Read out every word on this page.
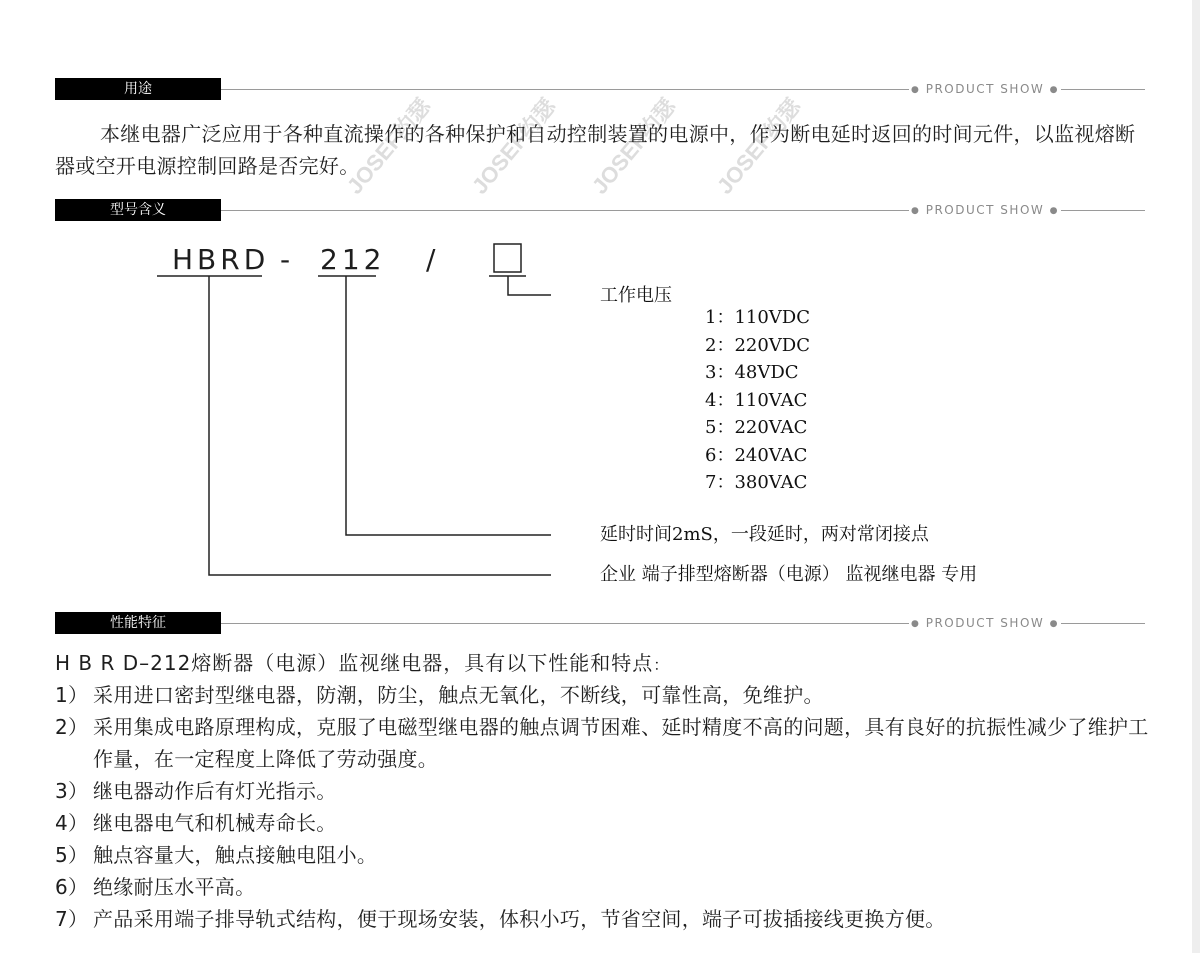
JOSEF约瑟 JOSEF约瑟 JOSEF约瑟 JOSEF约瑟
用途	● PRODUCT SHOW ●

本继电器广泛应用于各种直流操作的各种保护和自动控制装置的电源中，作为断电延时返回的时间元件，以监视熔断器或空开电源控制回路是否完好。

型号含义	● PRODUCT SHOW ●
HBRD - 212 /
工作电压
1：110VDC
2：220VDC
3：48VDC
4：110VAC
5：220VAC
6：240VAC
7：380VAC
延时时间2mS，一段延时，两对常闭接点
企业 端子排型熔断器（电源） 监视继电器 专用
性能特征	● PRODUCT SHOW ●
H B R D–212熔断器（电源）监视继电器，具有以下性能和特点：
1） 采用进口密封型继电器，防潮，防尘，触点无氧化，不断线，可靠性高，免维护。
2） 采用集成电路原理构成，克服了电磁型继电器的触点调节困难、延时精度不高的问题，具有良好的抗振性减少了维护工作量，在一定程度上降低了劳动强度。
3） 继电器动作后有灯光指示。
4） 继电器电气和机械寿命长。
5） 触点容量大，触点接触电阻小。
6） 绝缘耐压水平高。
7） 产品采用端子排导轨式结构，便于现场安装，体积小巧，节省空间，端子可拔插接线更换方便。
